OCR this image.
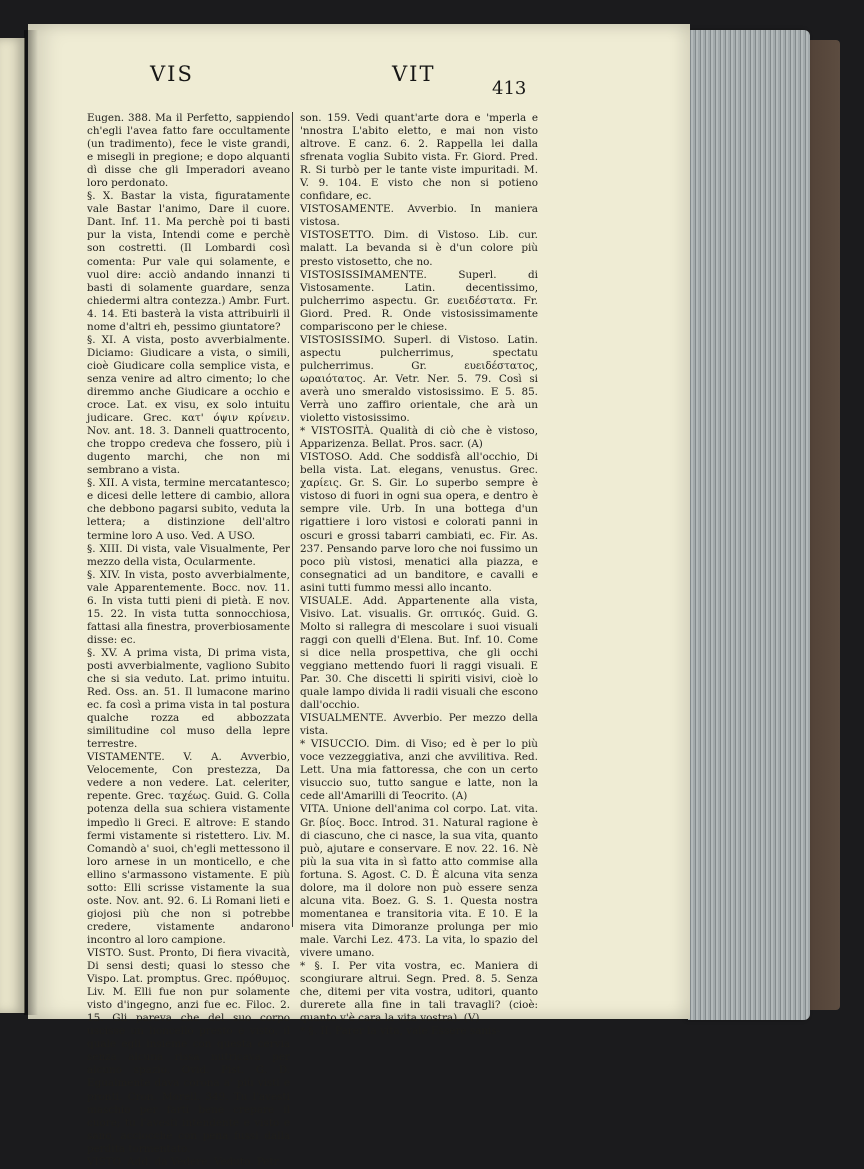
VIS	VIT
413

Eugen. 388. Ma il Perfetto, sappiendo ch'egli l'avea fatto fare occultamente (un tradimento), fece le viste grandi, e misegli in pregione; e dopo alquanti dì disse che gli Imperadori aveano loro perdonato.

§. X. Bastar la vista, figuratamente vale Bastar l'animo, Dare il cuore. Dant. Inf. 11. Ma perchè poi ti basti pur la vista, Intendi come e perchè son costretti. (Il Lombardi così comenta: Pur vale qui solamente, e vuol dire: acciò andando innanzi ti basti di solamente guardare, senza chiedermi altra contezza.) Ambr. Furt. 4. 14. Eti basterà la vista attribuirli il nome d'altri eh, pessimo giuntatore?

§. XI. A vista, posto avverbialmente. Diciamo: Giudicare a vista, o simili, cioè Giudicare colla semplice vista, e senza venire ad altro cimento; lo che diremmo anche Giudicare a occhio e croce. Lat. ex visu, ex solo intuitu judicare. Grec. κατ' όψιν κρίνειν. Nov. ant. 18. 3. Danneli quattrocento, che troppo credeva che fossero, più i dugento marchi, che non mi sembrano a vista.

§. XII. A vista, termine mercatantesco; e dicesi delle lettere di cambio, allora che debbono pagarsi subito, veduta la lettera; a distinzione dell'altro termine loro A uso. Ved. A USO.

§. XIII. Di vista, vale Visualmente, Per mezzo della vista, Ocularmente.

§. XIV. In vista, posto avverbialmente, vale Apparentemente. Bocc. nov. 11. 6. In vista tutti pieni di pietà. E nov. 15. 22. In vista tutta sonnocchiosa, fattasi alla finestra, proverbiosamente disse: ec.

§. XV. A prima vista, Di prima vista, posti avverbialmente, vagliono Subito che si sia veduto. Lat. primo intuitu. Red. Oss. an. 51. Il lumacone marino ec. fa così a prima vista in tal postura qualche rozza ed abbozzata similitudine col muso della lepre terrestre.

VISTAMENTE. V. A. Avverbio, Velocemente, Con prestezza, Da vedere a non vedere. Lat. celeriter, repente. Grec. ταχέως. Guid. G. Colla potenza della sua schiera vistamente impedìo li Greci. E altrove: E stando fermi vistamente si ristettero. Liv. M. Comandò a' suoi, ch'egli mettessono il loro arnese in un monticello, e che ellino s'armassono vistamente. E più sotto: Elli scrisse vistamente la sua oste. Nov. ant. 92. 6. Li Romani lieti e giojosi più che non si potrebbe credere, vistamente andarono incontro al loro campione.

VISTO. Sust. Pronto, Di fiera vivacità, Di sensi desti; quasi lo stesso che Vispo. Lat. promptus. Grec. πρόθυμος. Liv. M. Elli fue non pur solamente visto d'ingegno, anzi fue ec. Filoc. 2. 15. Gli pareva che del suo corpo uscisse un lioncello presto e visto, il quale egli insieme con questa cervia senza alcuna rissa nutricava per alcuno spazio. Ovid. Pist. G. D. Egualmente dava corona a' più visti e pronti. Cron. Morell. 349. Tu l'avesti maschio per farti bene crepare il cuore; tu l'avesti intendente e visto e sano, acciocchè con pena fussi dalla perdita tormentato.

VISTO. Add. da Vedere. Veduto. Petr.

son. 159. Vedi quant'arte dora e 'mperla e 'nnostra L'abito eletto, e mai non visto altrove. E canz. 6. 2. Rappella lei dalla sfrenata voglia Subito vista. Fr. Giord. Pred. R. Si turbò per le tante viste impuritadi. M. V. 9. 104. E visto che non si potieno confidare, ec.

VISTOSAMENTE. Avverbio. In maniera vistosa.

VISTOSETTO. Dim. di Vistoso. Lib. cur. malatt. La bevanda si è d'un colore più presto vistosetto, che no.

VISTOSISSIMAMENTE. Superl. di Vistosamente. Latin. decentissimo, pulcherrimo aspectu. Gr. ευειδέστατα. Fr. Giord. Pred. R. Onde vistosissimamente compariscono per le chiese.

VISTOSISSIMO. Superl. di Vistoso. Latin. aspectu pulcherrimus, spectatu pulcherrimus. Gr. ευειδέστατος, ωραιότατος. Ar. Vetr. Ner. 5. 79. Così si averà uno smeraldo vistosissimo. E 5. 85. Verrà uno zaffiro orientale, che arà un violetto vistosissimo.

* VISTOSITÀ. Qualità di ciò che è vistoso, Apparizenza. Bellat. Pros. sacr. (A)

VISTOSO. Add. Che soddisfà all'occhio, Di bella vista. Lat. elegans, venustus. Grec. χαρίεις. Gr. S. Gir. Lo superbo sempre è vistoso di fuori in ogni sua opera, e dentro è sempre vile. Urb. In una bottega d'un rigattiere i loro vistosi e colorati panni in oscuri e grossi tabarri cambiati, ec. Fir. As. 237. Pensando parve loro che noi fussimo un poco più vistosi, menatici alla piazza, e consegnatici ad un banditore, e cavalli e asini tutti fummo messi allo incanto.

VISUALE. Add. Appartenente alla vista, Visivo. Lat. visualis. Gr. οπτικός. Guid. G. Molto si rallegra di mescolare i suoi visuali raggi con quelli d'Elena. But. Inf. 10. Come si dice nella prospettiva, che gli occhi veggiano mettendo fuori li raggi visuali. E Par. 30. Che discetti li spiriti visivi, cioè lo quale lampo divida li radii visuali che escono dall'occhio.

VISUALMENTE. Avverbio. Per mezzo della vista.

* VISUCCIO. Dim. di Viso; ed è per lo più voce vezzeggiativa, anzi che avvilitiva. Red. Lett. Una mia fattoressa, che con un certo visuccio suo, tutto sangue e latte, non la cede all'Amarilli di Teocrito. (A)

VITA. Unione dell'anima col corpo. Lat. vita. Gr. βίος. Bocc. Introd. 31. Natural ragione è di ciascuno, che ci nasce, la sua vita, quanto può, ajutare e conservare. E nov. 22. 16. Nè più la sua vita in sì fatto atto commise alla fortuna. S. Agost. C. D. È alcuna vita senza dolore, ma il dolore non può essere senza alcuna vita. Boez. G. S. 1. Questa nostra momentanea e transitoria vita. E 10. E la misera vita Dimoranze prolunga per mio male. Varchi Lez. 473. La vita, lo spazio del vivere umano.

* §. I. Per vita vostra, ec. Maniera di scongiurare altrui. Segn. Pred. 8. 5. Senza che, ditemi per vita vostra, uditori, quanto durerete alla fine in tali travagli? (cioè: quanto v'è cara la vita vostra). (V)

* §. II. Parer la vita, vale Essere sanis-
